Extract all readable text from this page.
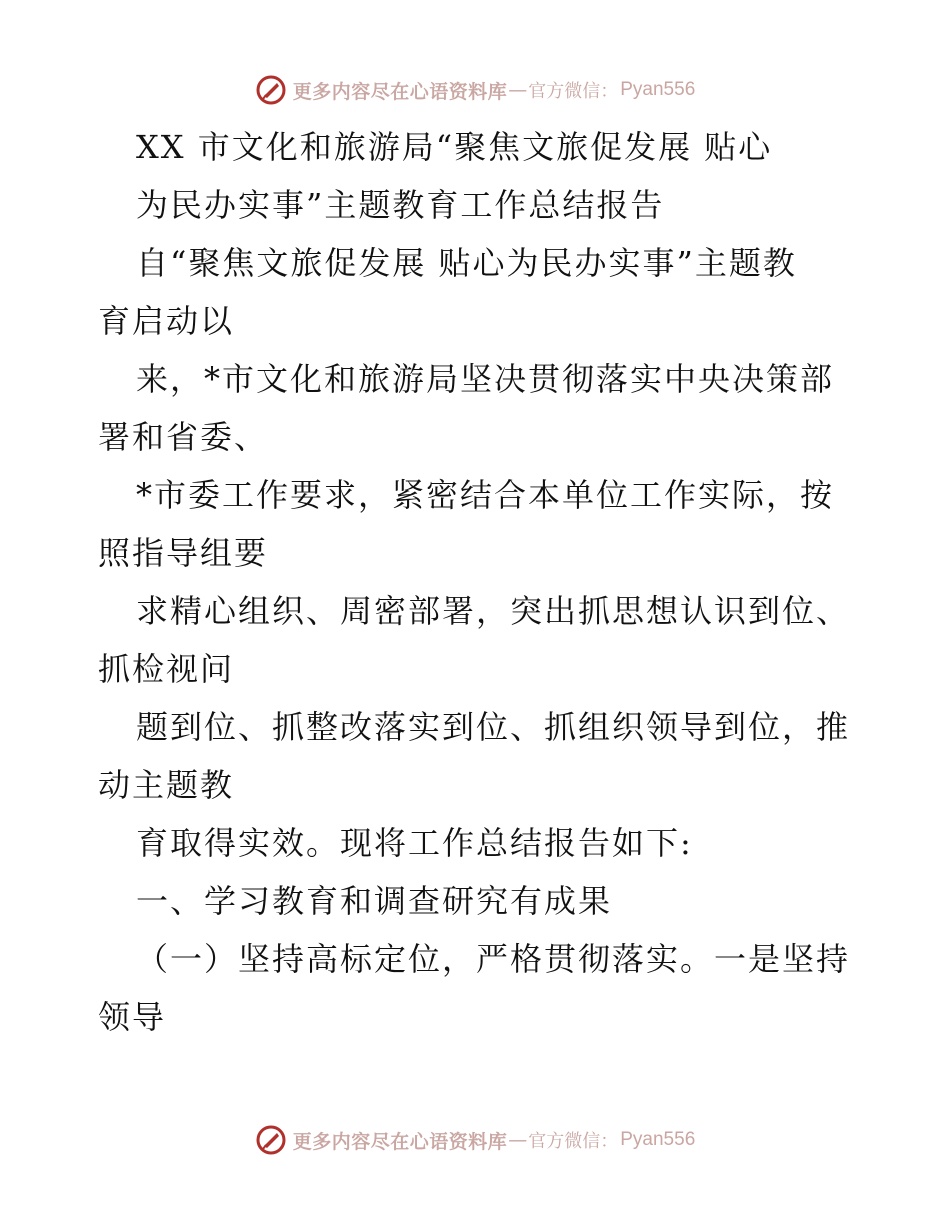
更多内容尽在心语资料库 — 官方微信： Pyan556
XX 市文化和旅游局“聚焦文旅促发展 贴心
为民办实事”主题教育工作总结报告
自“聚焦文旅促发展 贴心为民办实事”主题教
育启动以
来，*市文化和旅游局坚决贯彻落实中央决策部
署和省委、
*市委工作要求，紧密结合本单位工作实际，按
照指导组要
求精心组织、周密部署，突出抓思想认识到位、
抓检视问
题到位、抓整改落实到位、抓组织领导到位，推
动主题教
育取得实效。现将工作总结报告如下:
一、学习教育和调查研究有成果
（一）坚持高标定位，严格贯彻落实。一是坚持
领导
更多内容尽在心语资料库 — 官方微信： Pyan556
